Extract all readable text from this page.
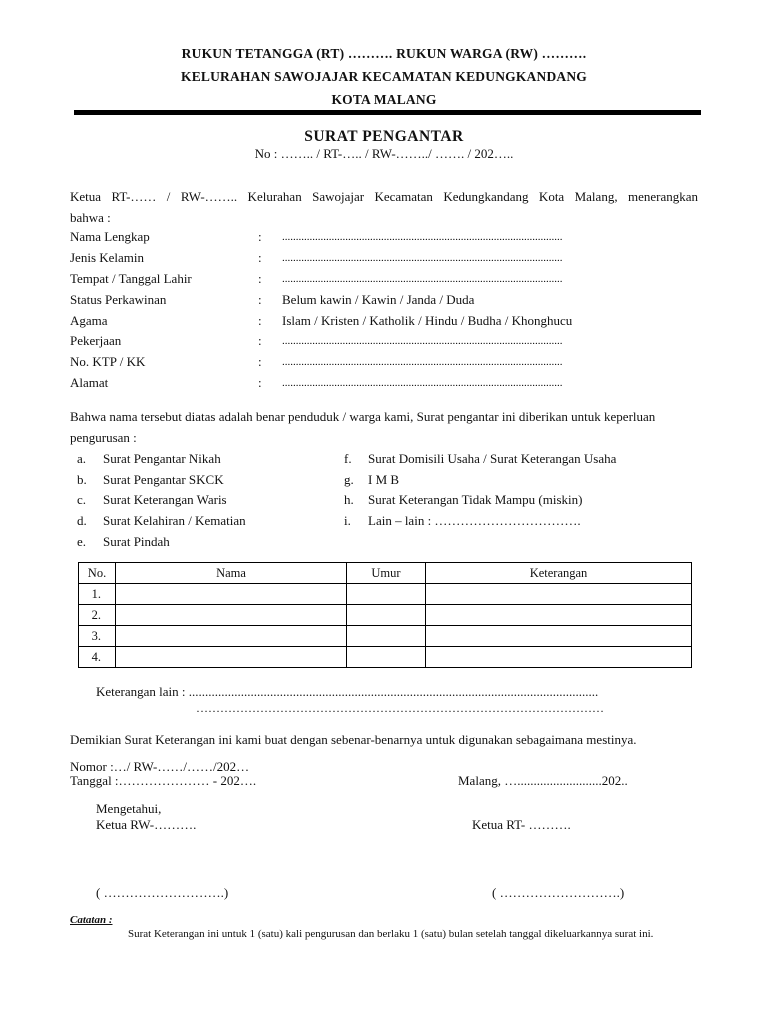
RUKUN TETANGGA (RT) ………. RUKUN WARGA (RW) ……….
KELURAHAN SAWOJAJAR KECAMATAN KEDUNGKANDANG
KOTA MALANG
SURAT PENGANTAR
No : …….. / RT-….. / RW-……../ ……. / 202…..
Ketua RT-…… / RW-…….. Kelurahan Sawojajar Kecamatan Kedungkandang Kota Malang, menerangkan
bahwa :
Nama Lengkap	: ......................................................................................................
Jenis Kelamin	: ......................................................................................................
Tempat / Tanggal Lahir	: ......................................................................................................
Status Perkawinan	: Belum kawin / Kawin / Janda / Duda
Agama	: Islam / Kristen / Katholik / Hindu / Budha / Khonghucu
Pekerjaan	: ......................................................................................................
No. KTP / KK	: ......................................................................................................
Alamat	: ......................................................................................................
Bahwa nama tersebut diatas adalah benar penduduk / warga kami, Surat pengantar ini diberikan untuk keperluan
pengurusan :
a. Surat Pengantar Nikah
b. Surat Pengantar SKCK
c. Surat Keterangan Waris
d. Surat Kelahiran / Kematian
e. Surat Pindah
f. Surat Domisili Usaha / Surat Keterangan Usaha
g. I M B
h. Surat Keterangan Tidak Mampu (miskin)
i. Lain – lain : …………………………….
No.	Nama	Umur	Keterangan
1.			
2.			
3.			
4.			
Keterangan lain : ..............................................................................................................................
…………………………………………………………………………………………
Demikian Surat Keterangan ini kami buat dengan sebenar-benarnya untuk digunakan sebagaimana mestinya.
Nomor :…/ RW-……/……/202…
Tanggal :………………… - 202….	Malang, …..........................202..
Mengetahui,
Ketua RW-……….	Ketua RT- ……….
( ……………………….)	( ……………………….)
Catatan :
Surat Keterangan ini untuk 1 (satu) kali pengurusan dan berlaku 1 (satu) bulan setelah tanggal dikeluarkannya surat ini.
